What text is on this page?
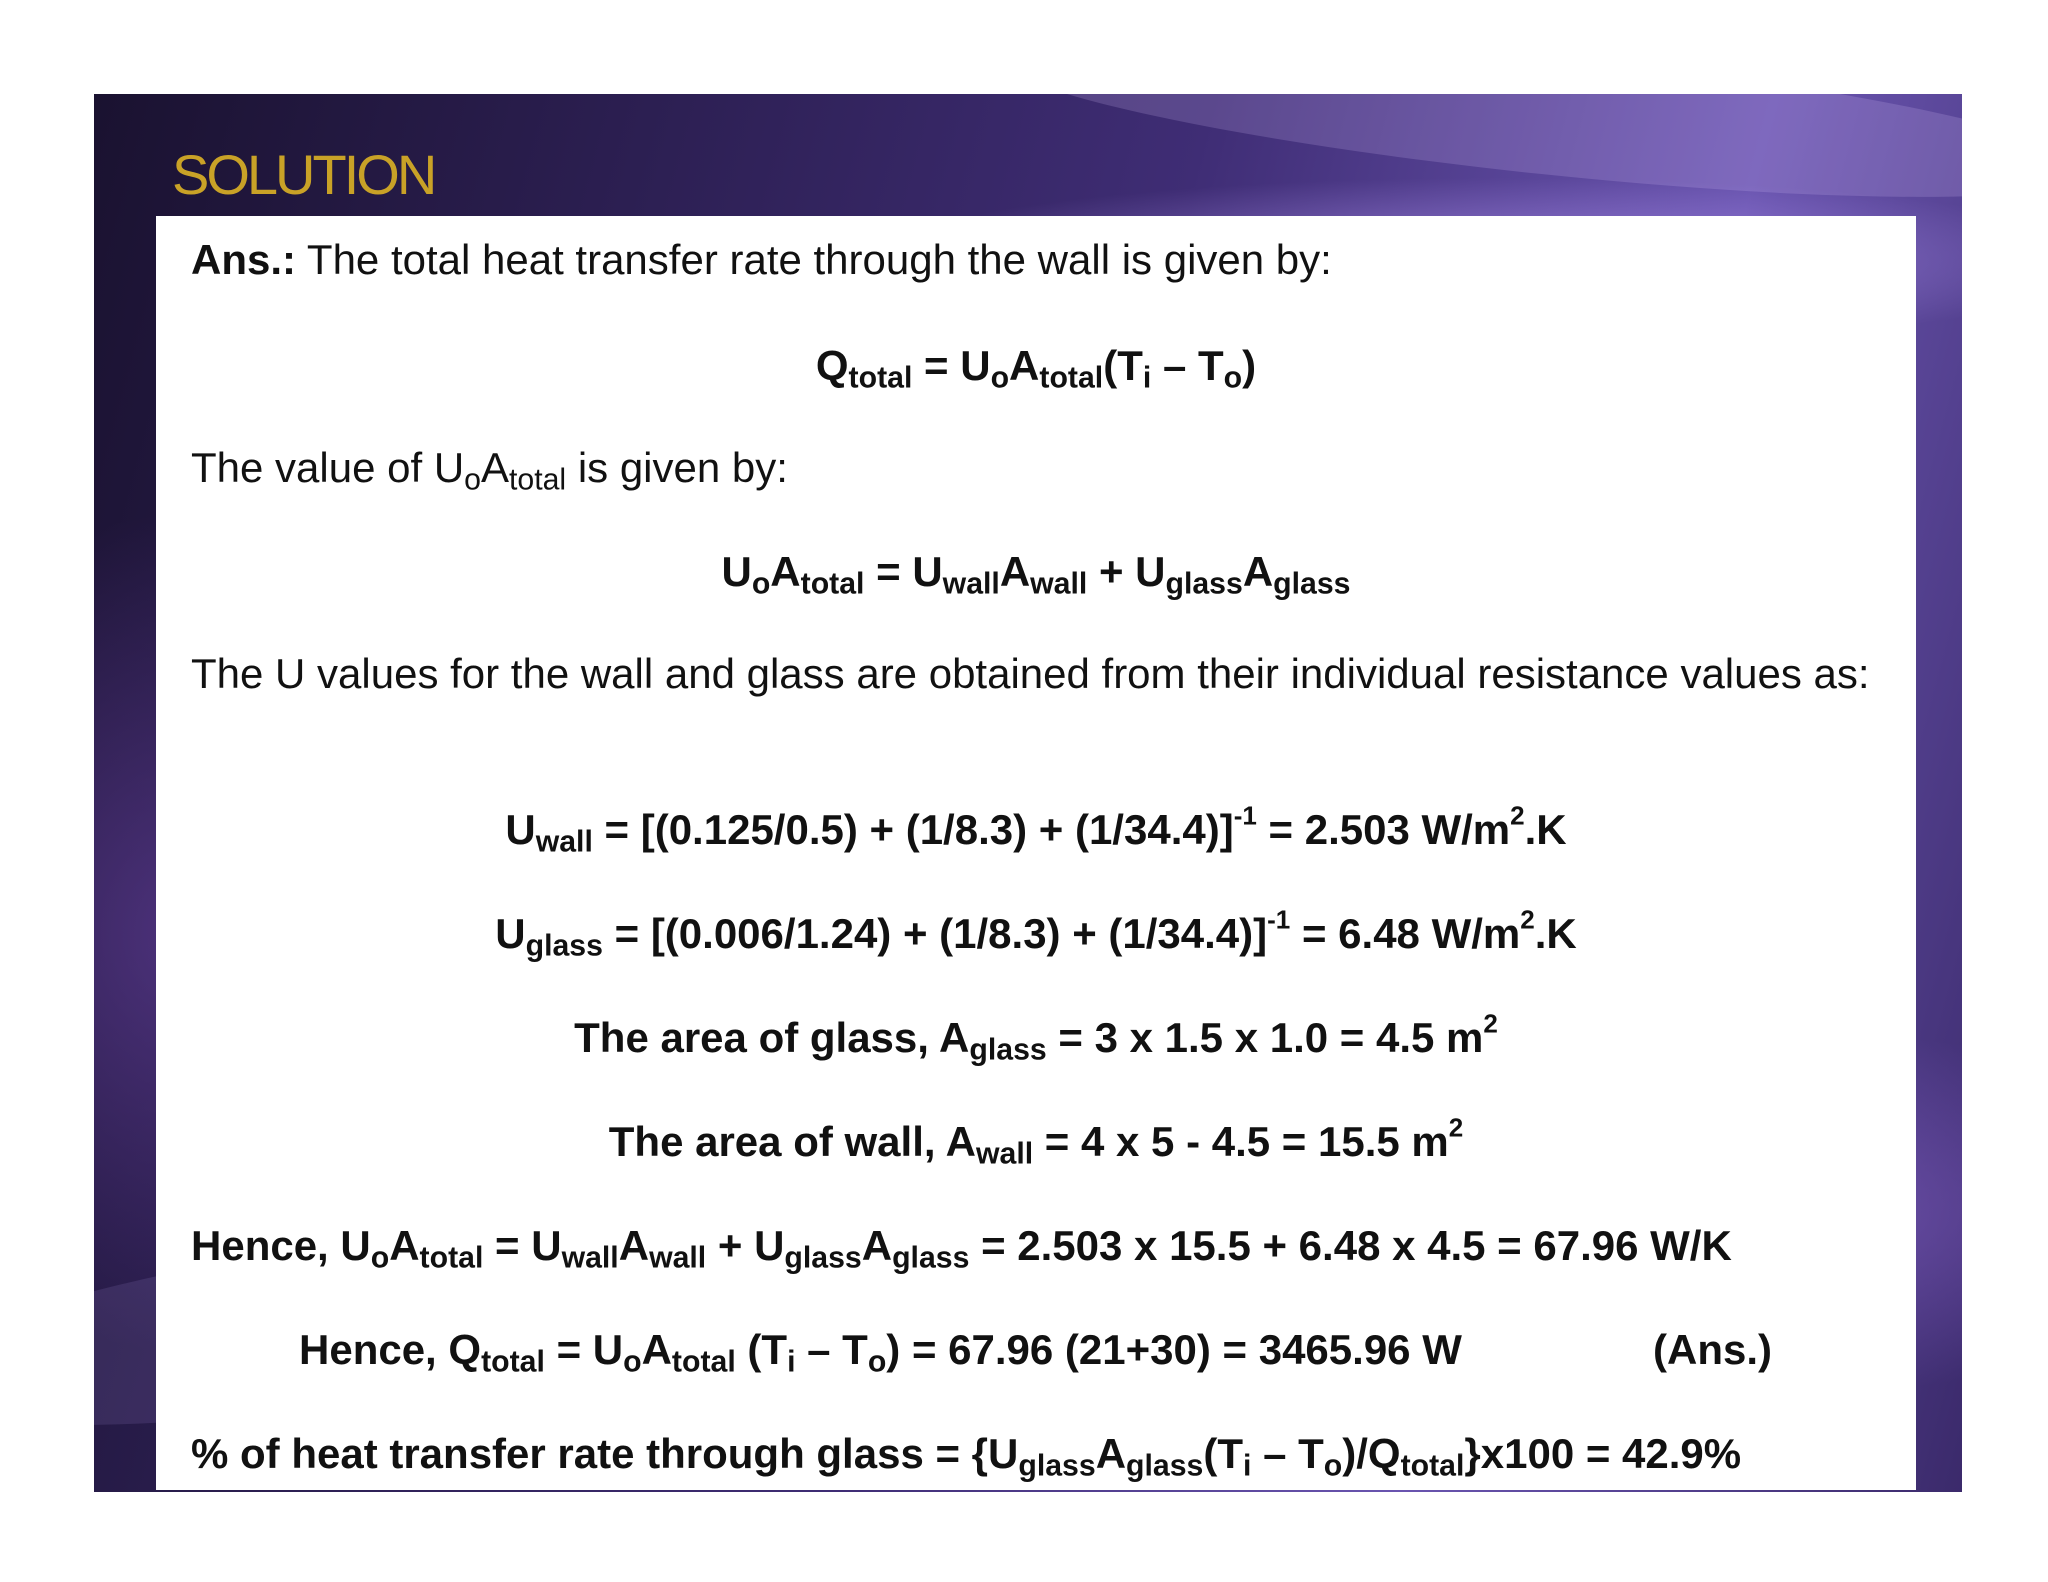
SOLUTION
Ans.: The total heat transfer rate through the wall is given by:
$Q_{total} = U_oA_{total}(T_i - T_o)$
The value of $U_oA_{total}$ is given by:
$U_oA_{total} = U_{wall}A_{wall} + U_{glass}A_{glass}$
The U values for the wall and glass are obtained from their individual resistance values as:
$U_{wall} = [(0.125/0.5) + (1/8.3) + (1/34.4)]^{-1} = 2.503$ $W/m^2.K$
$U_{glass} = [(0.006/1.24) + (1/8.3) + (1/34.4)]^{-1} = 6.48$ $W/m^2.K$
The area of glass, $A_{glass} = 3$ x 1.5 x 1.0 = 4.5 $m^2$
The area of wall, $A_{wall} = 4$ x 5 - 4.5 = 15.5 $m^2$
Hence, $U_oA_{total} = U_{wall}A_{wall} + U_{glass}A_{glass} = 2.503$ x 15.5 + 6.48 x 4.5 = 67.96 W/K
Hence, $Q_{total} = U_oA_{total}$ $(T_i - T_o) = 67.96$ (21+30) = 3465.96 W	(Ans.)
% of heat transfer rate through glass = $\{U_{glass}A_{glass}(T_i - T_o)/Q_{total}\}x100 = 42.9\%$
